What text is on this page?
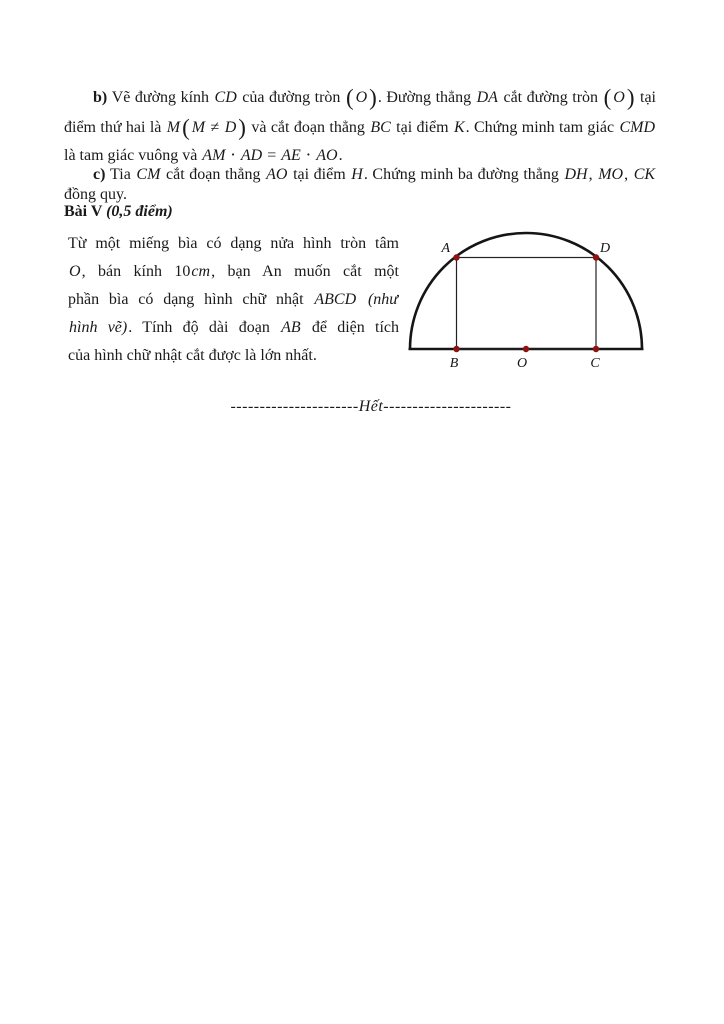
b) Vẽ đường kính CD của đường tròn ( O). Đường thẳng DA cắt đường tròn ( O) tại
điểm thứ hai là M( M ≠ D) và cắt đoạn thẳng BC tại điểm K. Chứng minh tam giác CMD
là tam giác vuông và AM ⋅ AD = AE ⋅ AO.
c) Tia CM cắt đoạn thẳng AO tại điểm H. Chứng minh ba đường thẳng DH, MO, CK
đồng quy.
Bài V (0,5 điểm)
Từ một miếng bìa có dạng nửa hình tròn tâm
O, bán kính 10cm, bạn An muốn cắt một
phần bìa có dạng hình chữ nhật ABCD (như
hình vẽ). Tính độ dài đoạn AB để diện tích
của hình chữ nhật cắt được là lớn nhất.
A	D
B	O	C
----------------------Hết----------------------
